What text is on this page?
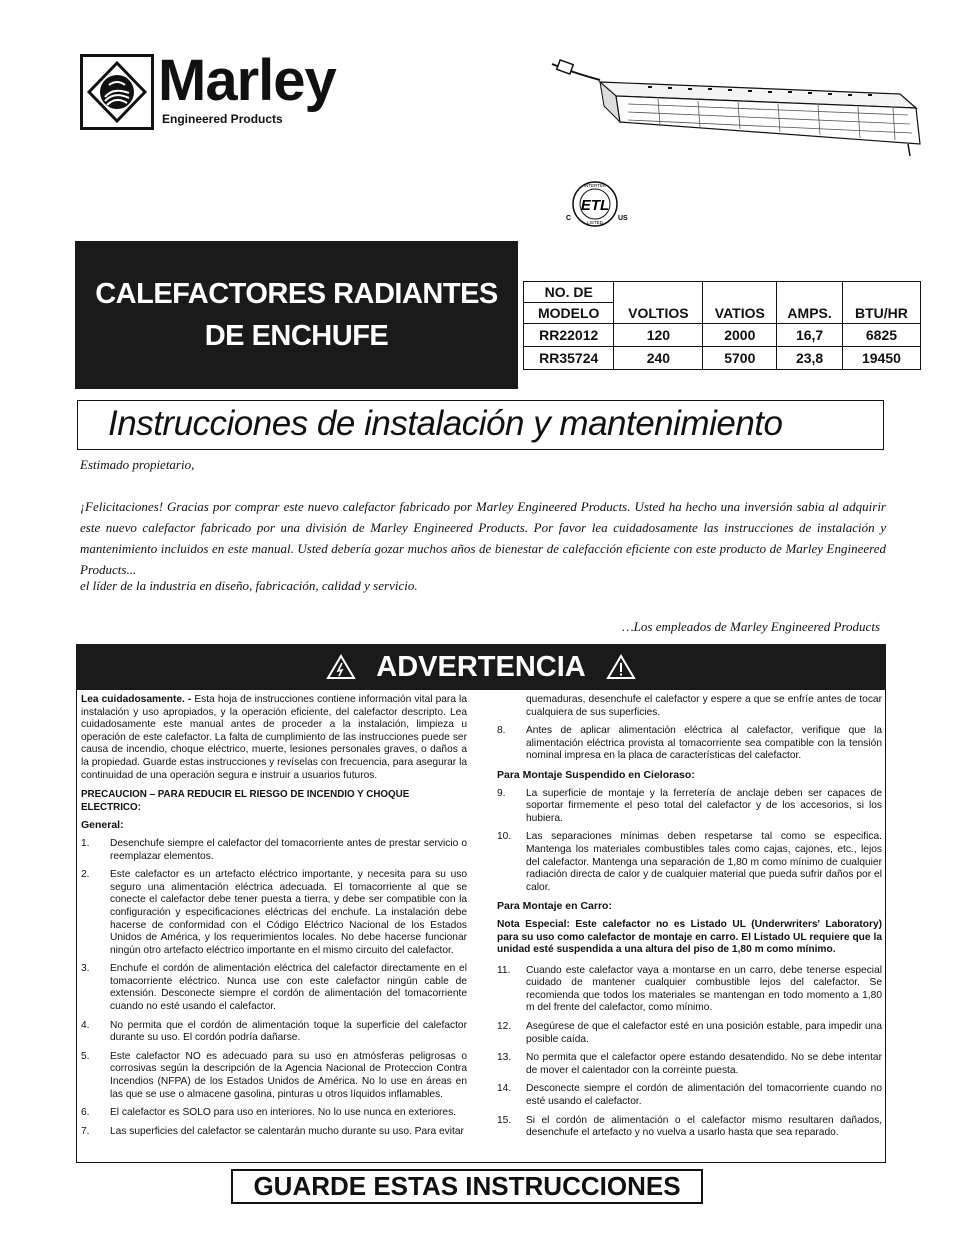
Marley
Engineered Products
ETL
INTERTEK
LISTED
C	US
CALEFACTORES RADIANTES
DE ENCHUFE
NO. DE	VOLTIOS	VATIOS	AMPS.	BTU/HR
MODELO				
RR22012	120	2000	16,7	6825
RR35724	240	5700	23,8	19450
Instrucciones de instalación y mantenimiento
Estimado propietario,
¡Felicitaciones! Gracias por comprar este nuevo calefactor fabricado por Marley Engineered Products. Usted ha hecho una inversión sabia al adquirir este nuevo calefactor fabricado por una división de Marley Engineered Products. Por favor lea cuidadosamente las instrucciones de instalación y mantenimiento incluidos en este manual. Usted debería gozar muchos años de bienestar de calefacción eficiente con este producto de Marley Engineered Products...
el líder de la industria en diseño, fabricación, calidad y servicio.
…Los empleados de Marley Engineered Products
ADVERTENCIA

Lea cuidadosamente. - Esta hoja de instrucciones contiene información vital para la instalación y uso apropiados, y la operación eficiente, del calefactor descripto. Lea cuidadosamente este manual antes de proceder a la instalación, limpieza u operación de este calefactor. La falta de cumplimiento de las instrucciones puede ser causa de incendio, choque eléctrico, muerte, lesiones personales graves, o daños a la propiedad. Guarde estas instrucciones y revíselas con frecuencia, para asegurar la continuidad de una operación segura e instruir a usuarios futuros.

PRECAUCION – PARA REDUCIR EL RIESGO DE INCENDIO Y CHOQUE ELECTRICO:

General:
1.	Desenchufe siempre el calefactor del tomacorriente antes de prestar servicio o reemplazar elementos.
2.	Este calefactor es un artefacto eléctrico importante, y necesita para su uso seguro una alimentación eléctrica adecuada. El tomacorriente al que se conecte el calefactor debe tener puesta a tierra, y debe ser compatible con la configuración y especificaciones eléctricas del enchufe. La instalación debe hacerse de conformidad con el Código Eléctrico Nacional de los Estados Unidos de América, y los requerimientos locales. No debe hacerse funcionar ningún otro artefacto eléctrico importante en el mismo circuito del calefactor.
3.	Enchufe el cordón de alimentación eléctrica del calefactor directamente en el tomacorriente eléctrico. Nunca use con este calefactor ningún cable de extensión. Desconecte siempre el cordón de alimentación del tomacorriente cuando no esté usando el calefactor.
4.	No permita que el cordón de alimentación toque la superficie del calefactor durante su uso. El cordón podría dañarse.
5.	Este calefactor NO es adecuado para su uso en atmósferas peligrosas o corrosivas según la descripción de la Agencia Nacional de Proteccion Contra Incendios (NFPA) de los Estados Unidos de América. No lo use en áreas en las que se use o almacene gasolina, pinturas u otros líquidos inflamables.
6.	El calefactor es SOLO para uso en interiores. No lo use nunca en exteriores.
7.	Las superficies del calefactor se calentarán mucho durante su uso. Para evitar
quemaduras, desenchufe el calefactor y espere a que se enfríe antes de tocar cualquiera de sus superficies.
8.	Antes de aplicar alimentación eléctrica al calefactor, verifique que la alimentación eléctrica provista al tomacorriente sea compatible con la tensión nominal impresa en la placa de características del calefactor.
Para Montaje Suspendido en Cieloraso:
9.	La superficie de montaje y la ferretería de anclaje deben ser capaces de soportar firmemente el peso total del calefactor y de los accesorios, si los hubiera.
10.	Las separaciones mínimas deben respetarse tal como se especifica. Mantenga los materiales combustibles tales como cajas, cajones, etc., lejos del calefactor. Mantenga una separación de 1,80 m como mínimo de cualquier radiación directa de calor y de cualquier material que pueda sufrir daños por el calor.
Para Montaje en Carro:
Nota Especial: Este calefactor no es Listado UL (Underwriters' Laboratory) para su uso como calefactor de montaje en carro. El Listado UL requiere que la unidad esté suspendida a una altura del piso de 1,80 m como mínimo.
11.	Cuando este calefactor vaya a montarse en un carro, debe tenerse especial cuidado de mantener cualquier combustible lejos del calefactor. Se recomienda que todos los materiales se mantengan en todo momento a 1,80 m del frente del calefactor, como mínimo.
12.	Asegúrese de que el calefactor esté en una posición estable, para impedir una posible caída.
13.	No permita que el calefactor opere estando desatendido. No se debe intentar de mover el calentador con la correinte puesta.
14.	Desconecte siempre el cordón de alimentación del tomacorriente cuando no esté usando el calefactor.
15.	Si el cordón de alimentación o el calefactor mismo resultaren dañados, desenchufe el artefacto y no vuelva a usarlo hasta que sea reparado.
GUARDE ESTAS INSTRUCCIONES
